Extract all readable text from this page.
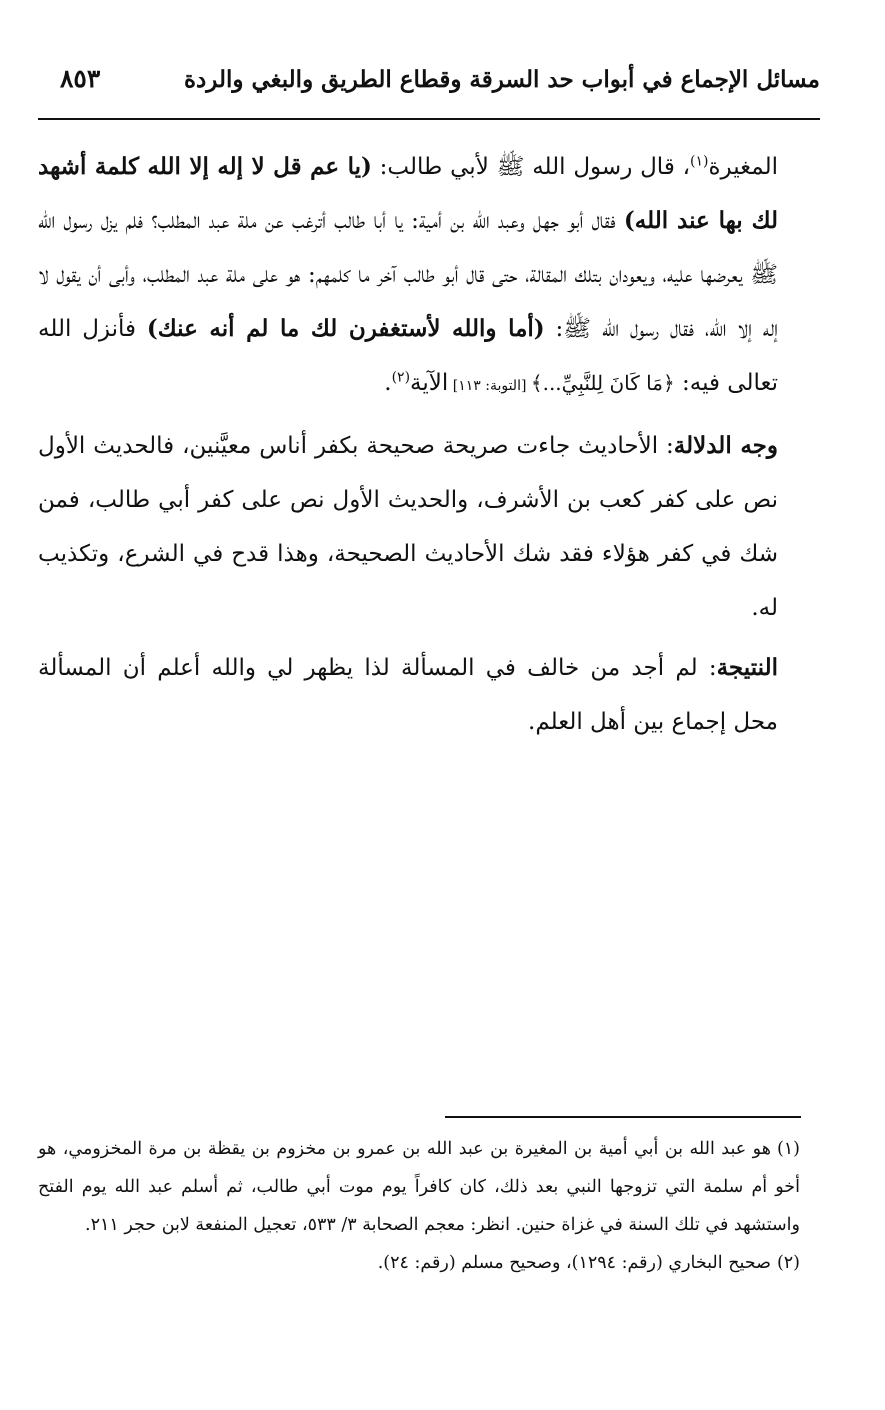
مسائل الإجماع في أبواب حد السرقة وقطاع الطريق والبغي والردة
٨٥٣

المغيرة$^{(١)}$، قال رسول الله ﷺ لأبي طالب: (يا عم قل لا إله إلا الله كلمة أشهد لك بها عند الله) فقال أبو جهل وعبد الله بن أمية: يا أبا طالب أترغب عن ملة عبد المطلب؟ فلم يزل رسول الله ﷺ يعرضها عليه، ويعودان بتلك المقالة، حتى قال أبو طالب آخر ما كلمهم: هو على ملة عبد المطلب، وأبى أن يقول لا إله إلا الله، فقال رسول الله ﷺ: (أما والله لأستغفرن لك ما لم أنه عنك) فأنزل الله تعالى فيه: ﴿مَا كَانَ لِلنَّبِيِّ...﴾ [التوبة: ١١٣] الآية$^{(٢)}$.

وجه الدلالة: الأحاديث جاءت صريحة صحيحة بكفر أناس معيَّنين، فالحديث الأول نص على كفر كعب بن الأشرف، والحديث الأول نص على كفر أبي طالب، فمن شك في كفر هؤلاء فقد شك الأحاديث الصحيحة، وهذا قدح في الشرع، وتكذيب له.

النتيجة: لم أجد من خالف في المسألة لذا يظهر لي والله أعلم أن المسألة محل إجماع بين أهل العلم.

(١)هو عبد الله بن أبي أمية بن المغيرة بن عبد الله بن عمرو بن مخزوم بن يقظة بن مرة المخزومي، هو أخو أم سلمة التي تزوجها النبي بعد ذلك، كان كافراً يوم موت أبي طالب، ثم أسلم عبد الله يوم الفتح واستشهد في تلك السنة في غزاة حنين. انظر: معجم الصحابة ٣/ ٥٣٣، تعجيل المنفعة لابن حجر ٢١١.

(٢)صحيح البخاري (رقم: ١٢٩٤)، وصحيح مسلم (رقم: ٢٤).
